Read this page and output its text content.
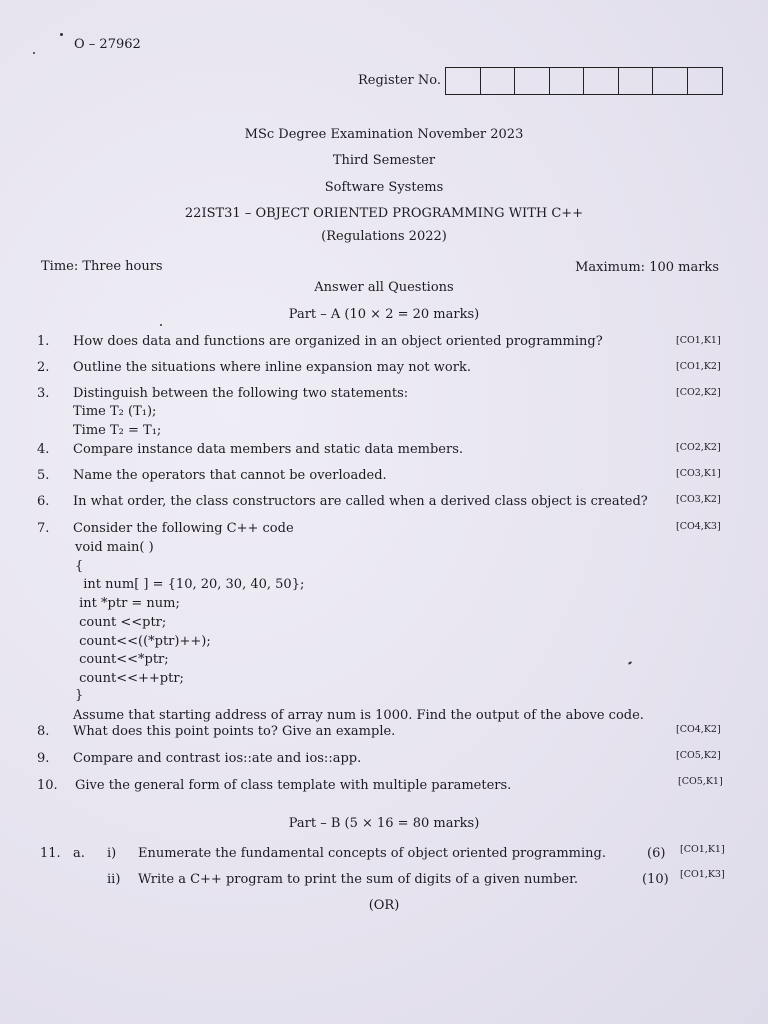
O – 27962
Register No.
MSc Degree Examination November 2023
Third Semester
Software Systems
22IST31 – OBJECT ORIENTED PROGRAMMING WITH C++
(Regulations 2022)
Time: Three hours	Maximum: 100 marks
Answer all Questions
Part – A (10 × 2 = 20 marks)
1. How does data and functions are organized in an object oriented programming?	[CO1,K1]
2. Outline the situations where inline expansion may not work.	[CO1,K2]
3. Distinguish between the following two statements:	[CO2,K2]
Time T₂ (T₁);
Time T₂ = T₁;
4. Compare instance data members and static data members.	[CO2,K2]
5. Name the operators that cannot be overloaded.	[CO3,K1]
6. In what order, the class constructors are called when a derived class object is created?	[CO3,K2]
7. Consider the following C++ code	[CO4,K3]
void main( )
{
int num[ ] = {10, 20, 30, 40, 50};
int *ptr = num;
count <<ptr;
count<<((*ptr)++);
count<<*ptr;
count<<++ptr;
}
Assume that starting address of array num is 1000. Find the output of the above code.
8. What does this point points to? Give an example.	[CO4,K2]
9. Compare and contrast ios::ate and ios::app.	[CO5,K2]
10. Give the general form of class template with multiple parameters.	[CO5,K1]
Part – B (5 × 16 = 80 marks)
11. a. i) Enumerate the fundamental concepts of object oriented programming.	(6) [CO1,K1]
ii) Write a C++ program to print the sum of digits of a given number.	(10) [CO1,K3]
(OR)
